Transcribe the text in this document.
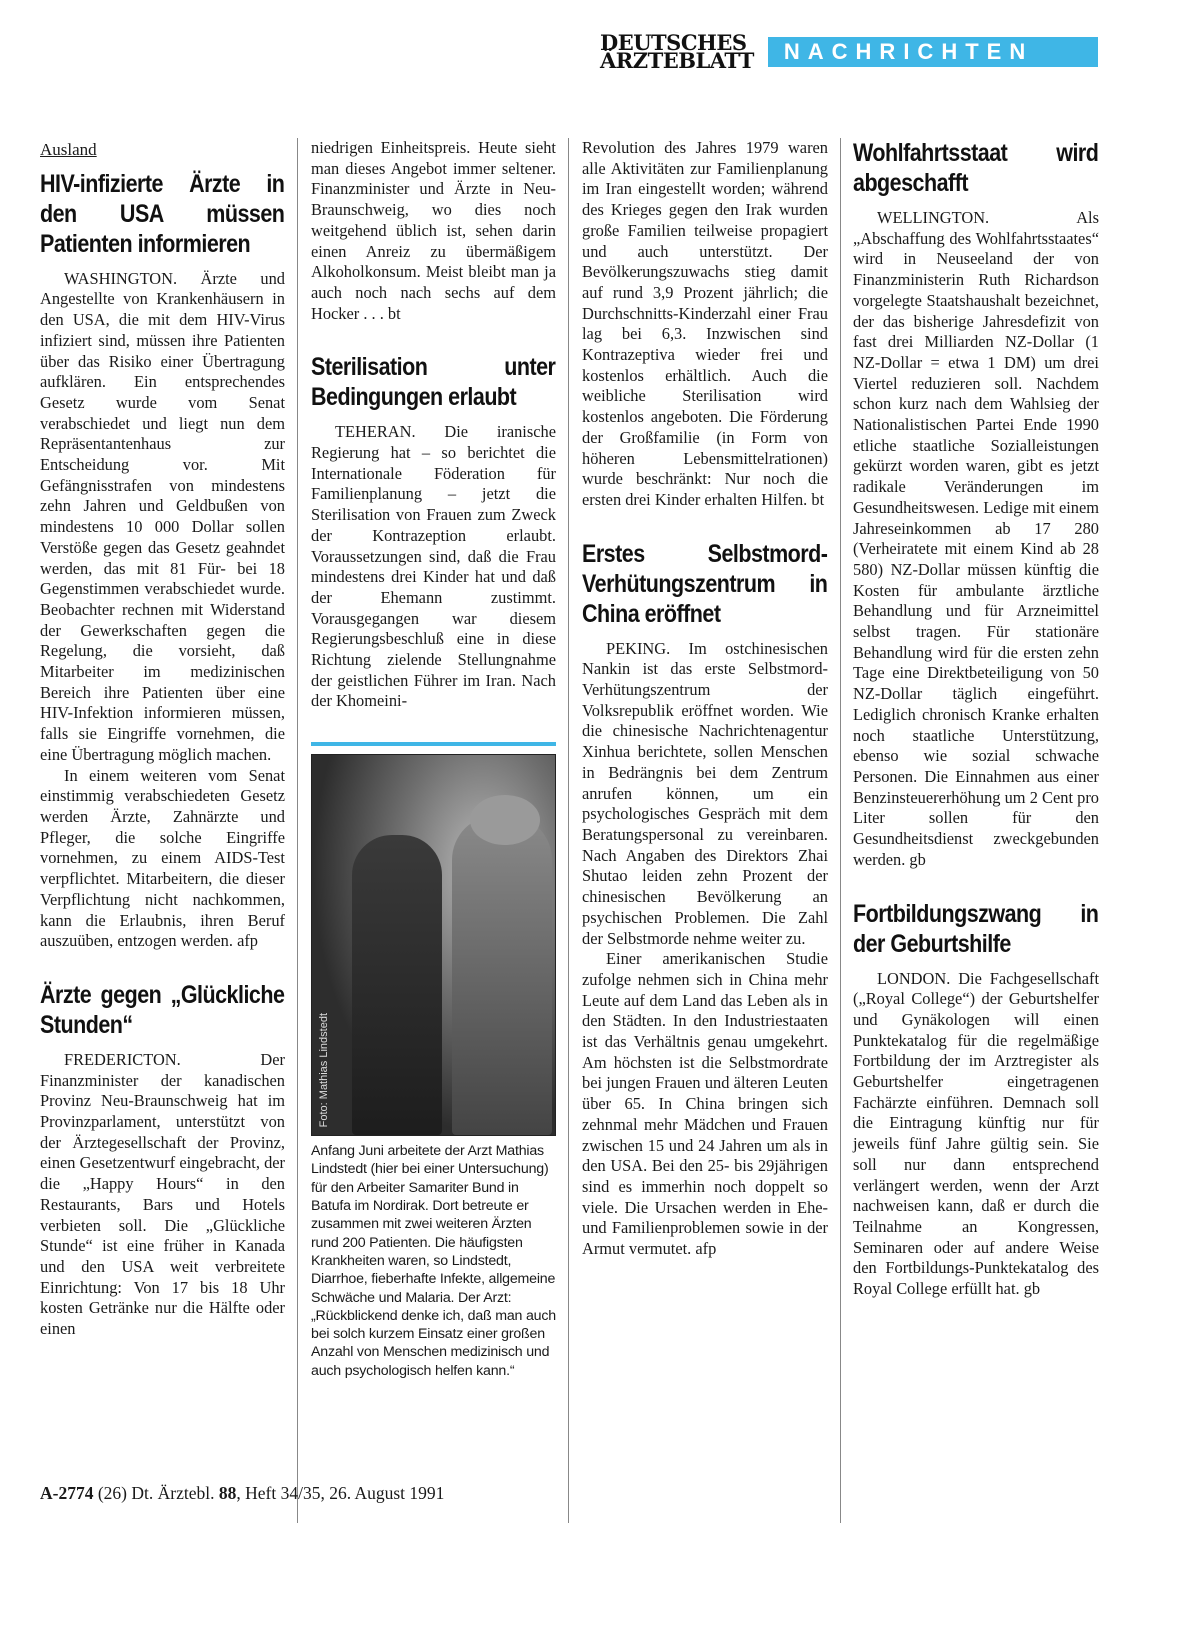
DEUTSCHES
ÄRZTEBLATT	NACHRICHTEN
Ausland
HIV-infizierte Ärzte in den USA müssen Patienten informieren

WASHINGTON. Ärzte und Angestellte von Krankenhäusern in den USA, die mit dem HIV-Virus infiziert sind, müssen ihre Patienten über das Risiko einer Übertragung aufklären. Ein entsprechendes Gesetz wurde vom Senat verabschiedet und liegt nun dem Repräsentantenhaus zur Entscheidung vor. Mit Gefängnisstrafen von mindestens zehn Jahren und Geldbußen von mindestens 10 000 Dollar sollen Verstöße gegen das Gesetz geahndet werden, das mit 81 Für- bei 18 Gegenstimmen verabschiedet wurde. Beobachter rechnen mit Widerstand der Gewerkschaften gegen die Regelung, die vorsieht, daß Mitarbeiter im medizinischen Bereich ihre Patienten über eine HIV-Infektion informieren müssen, falls sie Eingriffe vornehmen, die eine Übertragung möglich machen.

In einem weiteren vom Senat einstimmig verabschiedeten Gesetz werden Ärzte, Zahnärzte und Pfleger, die solche Eingriffe vornehmen, zu einem AIDS-Test verpflichtet. Mitarbeitern, die dieser Verpflichtung nicht nachkommen, kann die Erlaubnis, ihren Beruf auszuüben, entzogen werden. afp

Ärzte gegen „Glückliche Stunden“

FREDERICTON. Der Finanzminister der kanadischen Provinz Neu-Braunschweig hat im Provinzparlament, unterstützt von der Ärztegesellschaft der Provinz, einen Gesetzentwurf eingebracht, der die „Happy Hours“ in den Restaurants, Bars und Hotels verbieten soll. Die „Glückliche Stunde“ ist eine früher in Kanada und den USA weit verbreitete Einrichtung: Von 17 bis 18 Uhr kosten Getränke nur die Hälfte oder einen

niedrigen Einheitspreis. Heute sieht man dieses Angebot immer seltener. Finanzminister und Ärzte in Neu-Braunschweig, wo dies noch weitgehend üblich ist, sehen darin einen Anreiz zu übermäßigem Alkoholkonsum. Meist bleibt man ja auch noch nach sechs auf dem Hocker . . . bt

Sterilisation unter Bedingungen erlaubt

TEHERAN. Die iranische Regierung hat – so berichtet die Internationale Föderation für Familienplanung – jetzt die Sterilisation von Frauen zum Zweck der Kontrazeption erlaubt. Voraussetzungen sind, daß die Frau mindestens drei Kinder hat und daß der Ehemann zustimmt. Vorausgegangen war diesem Regierungsbeschluß eine in diese Richtung zielende Stellungnahme der geistlichen Führer im Iran. Nach der Khomeini-

Foto: Mathias Lindstedt
Anfang Juni arbeitete der Arzt Mathias Lindstedt (hier bei einer Untersuchung) für den Arbeiter Samariter Bund in Batufa im Nordirak. Dort betreute er zusammen mit zwei weiteren Ärzten rund 200 Patienten. Die häufigsten Krankheiten waren, so Lindstedt, Diarrhoe, fieberhafte Infekte, allgemeine Schwäche und Malaria. Der Arzt: „Rückblickend denke ich, daß man auch bei solch kurzem Einsatz einer großen Anzahl von Menschen medizinisch und auch psychologisch helfen kann.“

Revolution des Jahres 1979 waren alle Aktivitäten zur Familienplanung im Iran eingestellt worden; während des Krieges gegen den Irak wurden große Familien teilweise propagiert und auch unterstützt. Der Bevölkerungszuwachs stieg damit auf rund 3,9 Prozent jährlich; die Durchschnitts-Kinderzahl einer Frau lag bei 6,3. Inzwischen sind Kontrazeptiva wieder frei und kostenlos erhältlich. Auch die weibliche Sterilisation wird kostenlos angeboten. Die Förderung der Großfamilie (in Form von höheren Lebensmittelrationen) wurde beschränkt: Nur noch die ersten drei Kinder erhalten Hilfen. bt

Erstes Selbstmord-Verhütungszentrum in China eröffnet

PEKING. Im ostchinesischen Nankin ist das erste Selbstmord-Verhütungszentrum der Volksrepublik eröffnet worden. Wie die chinesische Nachrichtenagentur Xinhua berichtete, sollen Menschen in Bedrängnis bei dem Zentrum anrufen können, um ein psychologisches Gespräch mit dem Beratungspersonal zu vereinbaren. Nach Angaben des Direktors Zhai Shutao leiden zehn Prozent der chinesischen Bevölkerung an psychischen Problemen. Die Zahl der Selbstmorde nehme weiter zu.

Einer amerikanischen Studie zufolge nehmen sich in China mehr Leute auf dem Land das Leben als in den Städten. In den Industriestaaten ist das Verhältnis genau umgekehrt. Am höchsten ist die Selbstmordrate bei jungen Frauen und älteren Leuten über 65. In China bringen sich zehnmal mehr Mädchen und Frauen zwischen 15 und 24 Jahren um als in den USA. Bei den 25- bis 29jährigen sind es immerhin noch doppelt so viele. Die Ursachen werden in Ehe- und Familienproblemen sowie in der Armut vermutet. afp

Wohlfahrtsstaat wird abgeschafft

WELLINGTON. Als „Abschaffung des Wohlfahrtsstaates“ wird in Neuseeland der von Finanzministerin Ruth Richardson vorgelegte Staatshaushalt bezeichnet, der das bisherige Jahresdefizit von fast drei Milliarden NZ-Dollar (1 NZ-Dollar = etwa 1 DM) um drei Viertel reduzieren soll. Nachdem schon kurz nach dem Wahlsieg der Nationalistischen Partei Ende 1990 etliche staatliche Sozialleistungen gekürzt worden waren, gibt es jetzt radikale Veränderungen im Gesundheitswesen. Ledige mit einem Jahreseinkommen ab 17 280 (Verheiratete mit einem Kind ab 28 580) NZ-Dollar müssen künftig die Kosten für ambulante ärztliche Behandlung und für Arzneimittel selbst tragen. Für stationäre Behandlung wird für die ersten zehn Tage eine Direktbeteiligung von 50 NZ-Dollar täglich eingeführt. Lediglich chronisch Kranke erhalten noch staatliche Unterstützung, ebenso wie sozial schwache Personen. Die Einnahmen aus einer Benzinsteuererhöhung um 2 Cent pro Liter sollen für den Gesundheitsdienst zweckgebunden werden. gb

Fortbildungszwang in der Geburtshilfe

LONDON. Die Fachgesellschaft („Royal College“) der Geburtshelfer und Gynäkologen will einen Punktekatalog für die regelmäßige Fortbildung der im Arztregister als Geburtshelfer eingetragenen Fachärzte einführen. Demnach soll die Eintragung künftig nur für jeweils fünf Jahre gültig sein. Sie soll nur dann entsprechend verlängert werden, wenn der Arzt nachweisen kann, daß er durch die Teilnahme an Kongressen, Seminaren oder auf andere Weise den Fortbildungs-Punktekatalog des Royal College erfüllt hat. gb

A-2774 (26) Dt. Ärztebl. 88, Heft 34/35, 26. August 1991
